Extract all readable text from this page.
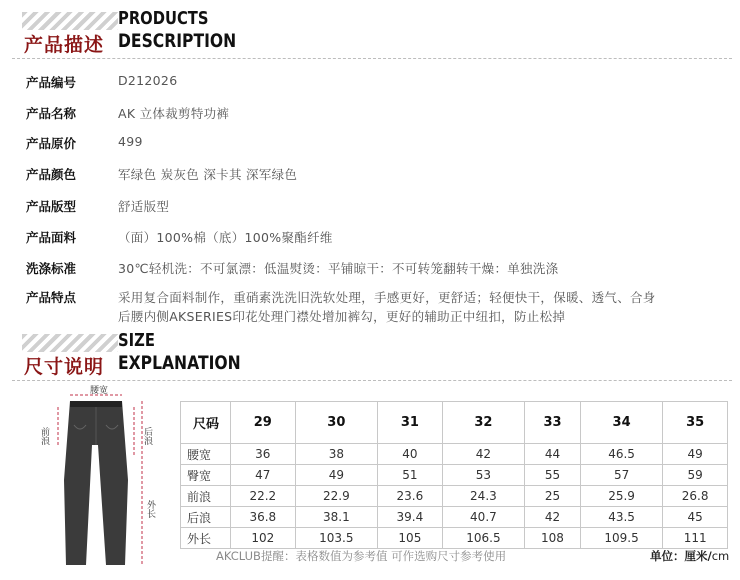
产品描述
PRODUCTS
DESCRIPTION
产品编号	D212026
产品名称	AK 立体裁剪特功裤
产品原价	499
产品颜色	军绿色 炭灰色 深卡其 深军绿色
产品版型	舒适版型
产品面料	（面）100%棉（底）100%聚酯纤维
洗涤标准	30℃轻机洗：不可氯漂：低温熨烫：平铺晾干：不可转笼翻转干燥：单独洗涤
产品特点	采用复合面料制作，重硝素洗洗旧洗软处理，手感更好，更舒适；轻便快干，保暖、透气、合身
后腰内侧AKSERIES印花处理门襟处增加裤勾，更好的辅助正中纽扣，防止松掉
尺寸说明
SIZE
EXPLANATION
腰宽
前浪	后浪
外长
尺码	29	30	31	32	33	34	35
腰宽	36	38	40	42	44	46.5	49
臀宽	47	49	51	53	55	57	59
前浪	22.2	22.9	23.6	24.3	25	25.9	26.8
后浪	36.8	38.1	39.4	40.7	42	43.5	45
外长	102	103.5	105	106.5	108	109.5	111
AKCLUB提醒：表格数值为参考值 可作选购尺寸参考使用	单位：厘米/cm
